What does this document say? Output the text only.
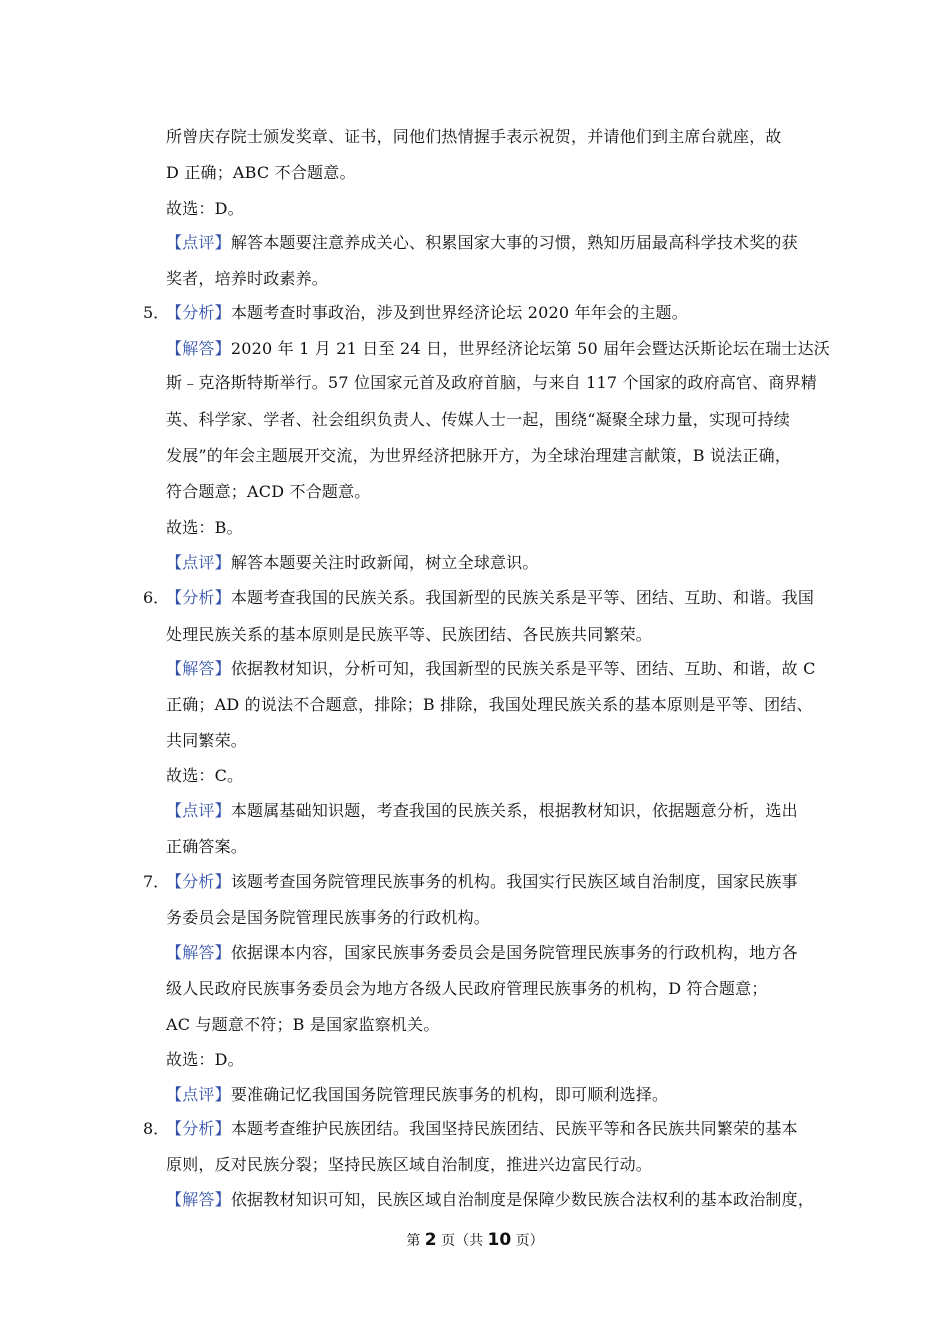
所曾庆存院士颁发奖章、证书，同他们热情握手表示祝贺，并请他们到主席台就座，故
D 正确；ABC 不合题意。
故选：D。
【点评】解答本题要注意养成关心、积累国家大事的习惯，熟知历届最高科学技术奖的获
奖者，培养时政素养。
5．
【分析】本题考查时事政治，涉及到世界经济论坛 2020 年年会的主题。
【解答】2020 年 1 月 21 日至 24 日，世界经济论坛第 50 届年会暨达沃斯论坛在瑞士达沃
斯﹣克洛斯特斯举行。57 位国家元首及政府首脑，与来自 117 个国家的政府高官、商界精
英、科学家、学者、社会组织负责人、传媒人士一起，围绕“凝聚全球力量，实现可持续
发展”的年会主题展开交流，为世界经济把脉开方，为全球治理建言献策，B 说法正确，
符合题意；ACD 不合题意。
故选：B。
【点评】解答本题要关注时政新闻，树立全球意识。
6．
【分析】本题考查我国的民族关系。我国新型的民族关系是平等、团结、互助、和谐。我国
处理民族关系的基本原则是民族平等、民族团结、各民族共同繁荣。
【解答】依据教材知识，分析可知，我国新型的民族关系是平等、团结、互助、和谐，故 C
正确；AD 的说法不合题意，排除；B 排除，我国处理民族关系的基本原则是平等、团结、
共同繁荣。
故选：C。
【点评】本题属基础知识题，考查我国的民族关系，根据教材知识，依据题意分析，选出
正确答案。
7．
【分析】该题考查国务院管理民族事务的机构。我国实行民族区域自治制度，国家民族事
务委员会是国务院管理民族事务的行政机构。
【解答】依据课本内容，国家民族事务委员会是国务院管理民族事务的行政机构，地方各
级人民政府民族事务委员会为地方各级人民政府管理民族事务的机构，D 符合题意；
AC 与题意不符；B 是国家监察机关。
故选：D。
【点评】要准确记忆我国国务院管理民族事务的机构，即可顺利选择。
8．
【分析】本题考查维护民族团结。我国坚持民族团结、民族平等和各民族共同繁荣的基本
原则，反对民族分裂；坚持民族区域自治制度，推进兴边富民行动。
【解答】依据教材知识可知，民族区域自治制度是保障少数民族合法权利的基本政治制度，
第 2 页（共 10 页）
